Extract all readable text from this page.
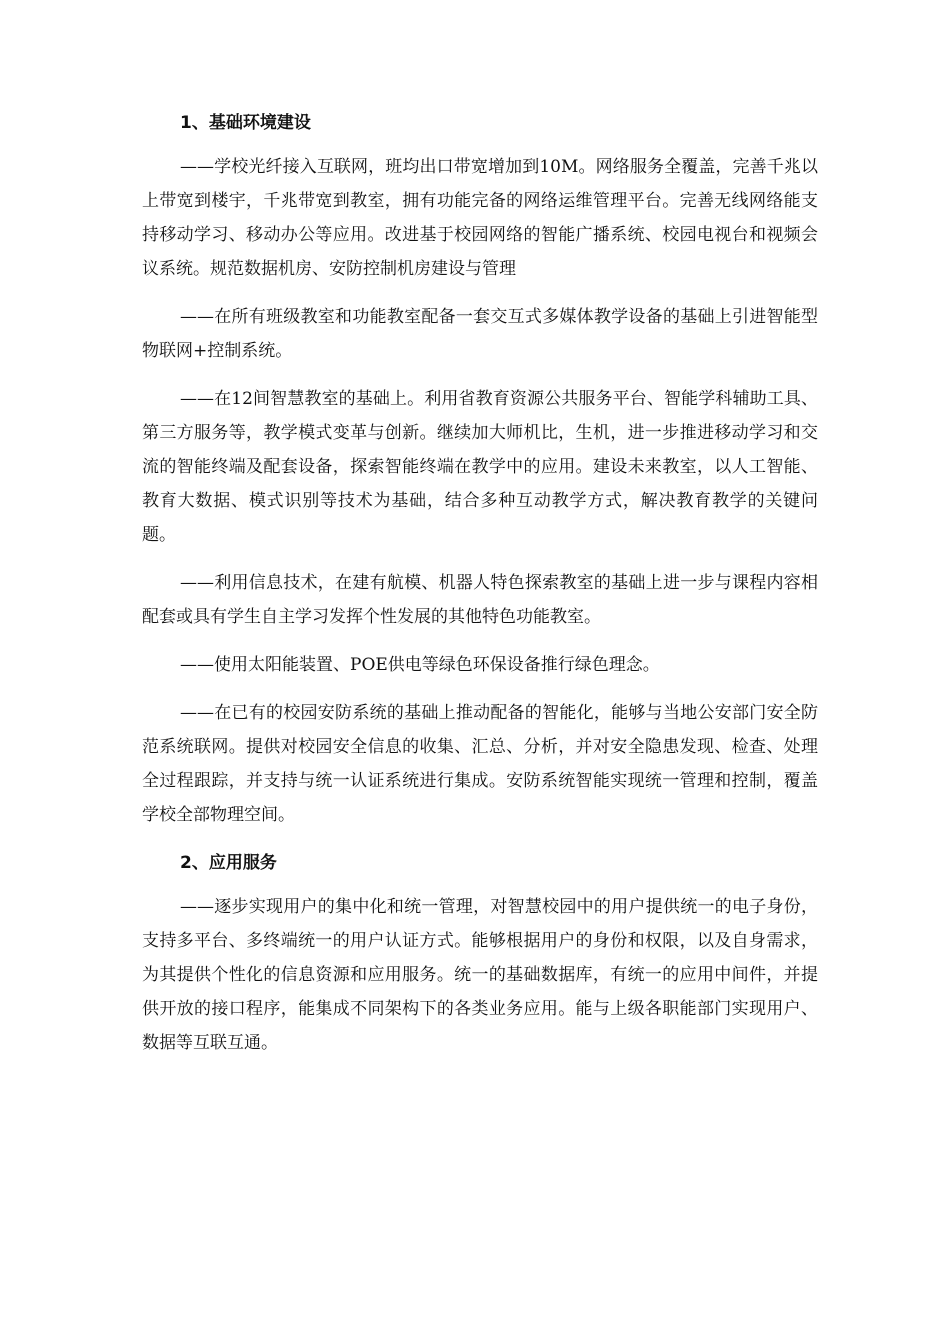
1、基础环境建设

——学校光纤接入互联网，班均出口带宽增加到10M。网络服务全覆盖，完善千兆以上带宽到楼宇，千兆带宽到教室，拥有功能完备的网络运维管理平台。完善无线网络能支持移动学习、移动办公等应用。改进基于校园网络的智能广播系统、校园电视台和视频会议系统。规范数据机房、安防控制机房建设与管理

——在所有班级教室和功能教室配备一套交互式多媒体教学设备的基础上引进智能型物联网+控制系统。

——在12间智慧教室的基础上。利用省教育资源公共服务平台、智能学科辅助工具、第三方服务等，教学模式变革与创新。继续加大师机比，生机，进一步推进移动学习和交流的智能终端及配套设备，探索智能终端在教学中的应用。建设未来教室，以人工智能、教育大数据、模式识别等技术为基础，结合多种互动教学方式，解决教育教学的关键问题。

——利用信息技术，在建有航模、机器人特色探索教室的基础上进一步与课程内容相配套或具有学生自主学习发挥个性发展的其他特色功能教室。

——使用太阳能装置、POE供电等绿色环保设备推行绿色理念。

——在已有的校园安防系统的基础上推动配备的智能化，能够与当地公安部门安全防范系统联网。提供对校园安全信息的收集、汇总、分析，并对安全隐患发现、检查、处理全过程跟踪，并支持与统一认证系统进行集成。安防系统智能实现统一管理和控制，覆盖学校全部物理空间。

2、应用服务

——逐步实现用户的集中化和统一管理，对智慧校园中的用户提供统一的电子身份，支持多平台、多终端统一的用户认证方式。能够根据用户的身份和权限，以及自身需求，为其提供个性化的信息资源和应用服务。统一的基础数据库，有统一的应用中间件，并提供开放的接口程序，能集成不同架构下的各类业务应用。能与上级各职能部门实现用户、数据等互联互通。
